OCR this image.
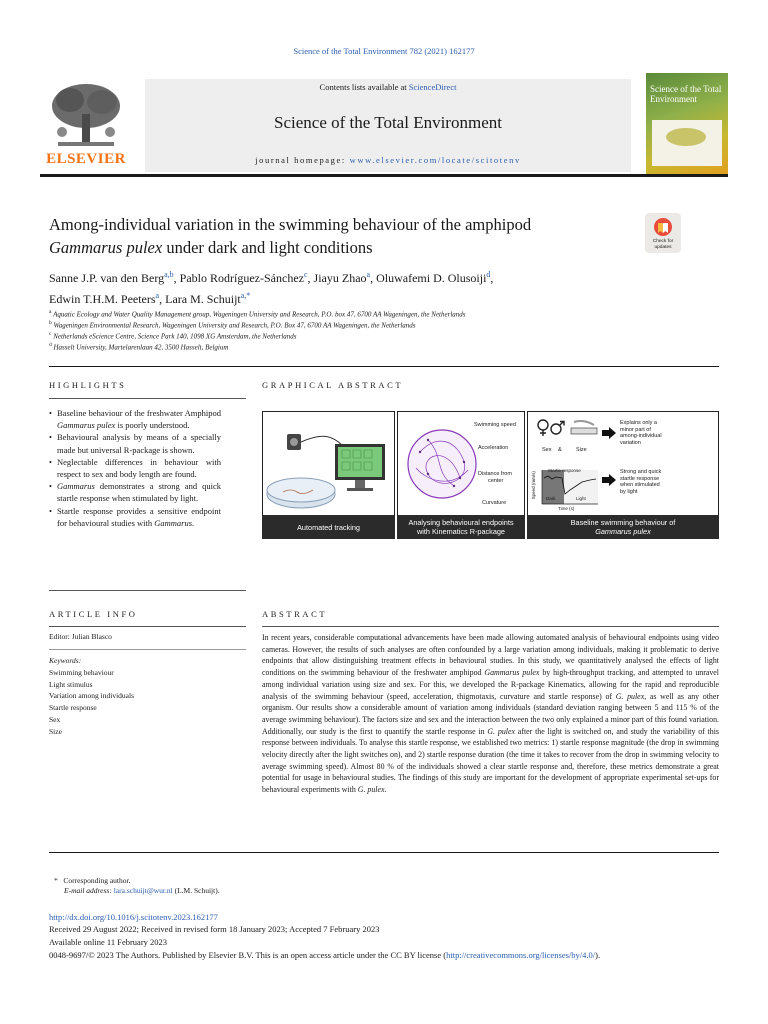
Science of the Total Environment 782 (2021) 162177
Contents lists available at ScienceDirect
Science of the Total Environment
journal homepage: www.elsevier.com/locate/scitotenv
ELSEVIER
Science of the Total Environment
Among-individual variation in the swimming behaviour of the amphipod
Gammarus pulex under dark and light conditions	Check for updates
Sanne J.P. van den Berg$^{a,b}$, Pablo Rodríguez-Sánchez$^c$, Jiayu Zhao$^a$, Oluwafemi D. Olusoiji$^d$,
Edwin T.H.M. Peeters$^a$, Lara M. Schuijt$^{a,*}$
$^a$ Aquatic Ecology and Water Quality Management group, Wageningen University and Research, P.O. box 47, 6700 AA Wageningen, the Netherlands
$^b$ Wageningen Environmental Research, Wageningen University and Research, P.O. Box 47, 6700 AA Wageningen, the Netherlands
$^c$ Netherlands eScience Centre, Science Park 140, 1098 XG Amsterdam, the Netherlands
$^d$ Hasselt University, Martelarenlaan 42, 3500 Hasselt, Belgium
HIGHLIGHTS
• Baseline behaviour of the freshwater Amphipod Gammarus pulex is poorly understood.
• Behavioural analysis by means of a specially made but universal R-package is shown.
• Neglectable differences in behaviour with respect to sex and body length are found.
• Gammarus demonstrates a strong and quick startle response when stimulated by light.
• Startle response provides a sensitive endpoint for behavioural studies with Gammarus.
GRAPHICAL ABSTRACT
Automated tracking
Swimming speed
Acceleration
Distance from
center
Curvature
Analysing behavioural endpoints
with Kinematics R-package
Sex &	Size
Explains only a
minor part of
among-individual
variation
Startle response
Dark	Light
Time (s)
Speed (mm/s)	Strong and quick
startle response
when stimulated
by light
Baseline swimming behaviour of
Gammarus pulex
ARTICLE INFO	ABSTRACT
Editor: Julian Blasco
Keywords:
Swimming behaviour
Light stimulus
Variation among individuals
Startle response
Sex
Size
In recent years, considerable computational advancements have been made allowing automated analysis of behavioural endpoints using video cameras. However, the results of such analyses are often confounded by a large variation among individuals, making it problematic to derive endpoints that allow distinguishing treatment effects in behavioural studies. In this study, we quantitatively analysed the effects of light conditions on the swimming behaviour of the freshwater amphipod Gammarus pulex by high-throughput tracking, and attempted to unravel among individual variation using size and sex. For this, we developed the R-package Kinematics, allowing for the rapid and reproducible analysis of the swimming behaviour (speed, acceleration, thigmotaxis, curvature and startle response) of G. pulex, as well as any other organism. Our results show a considerable amount of variation among individuals (standard deviation ranging between 5 and 115 % of the average swimming behaviour). The factors size and sex and the interaction between the two only explained a minor part of this found variation. Additionally, our study is the first to quantify the startle response in G. pulex after the light is switched on, and study the variability of this response between individuals. To analyse this startle response, we established two metrics: 1) startle response magnitude (the drop in swimming velocity directly after the light switches on), and 2) startle response duration (the time it takes to recover from the drop in swimming velocity to average swimming speed). Almost 80 % of the individuals showed a clear startle response and, therefore, these metrics demonstrate a great potential for usage in behavioural studies. The findings of this study are important for the development of appropriate experimental set-ups for behavioural experiments with G. pulex.
* Corresponding author.
E-mail address: lara.schuijt@wur.nl (L.M. Schuijt).
http://dx.doi.org/10.1016/j.scitotenv.2023.162177
Received 29 August 2022; Received in revised form 18 January 2023; Accepted 7 February 2023
Available online 11 February 2023
0048-9697/© 2023 The Authors. Published by Elsevier B.V. This is an open access article under the CC BY license (http://creativecommons.org/licenses/by/4.0/).
